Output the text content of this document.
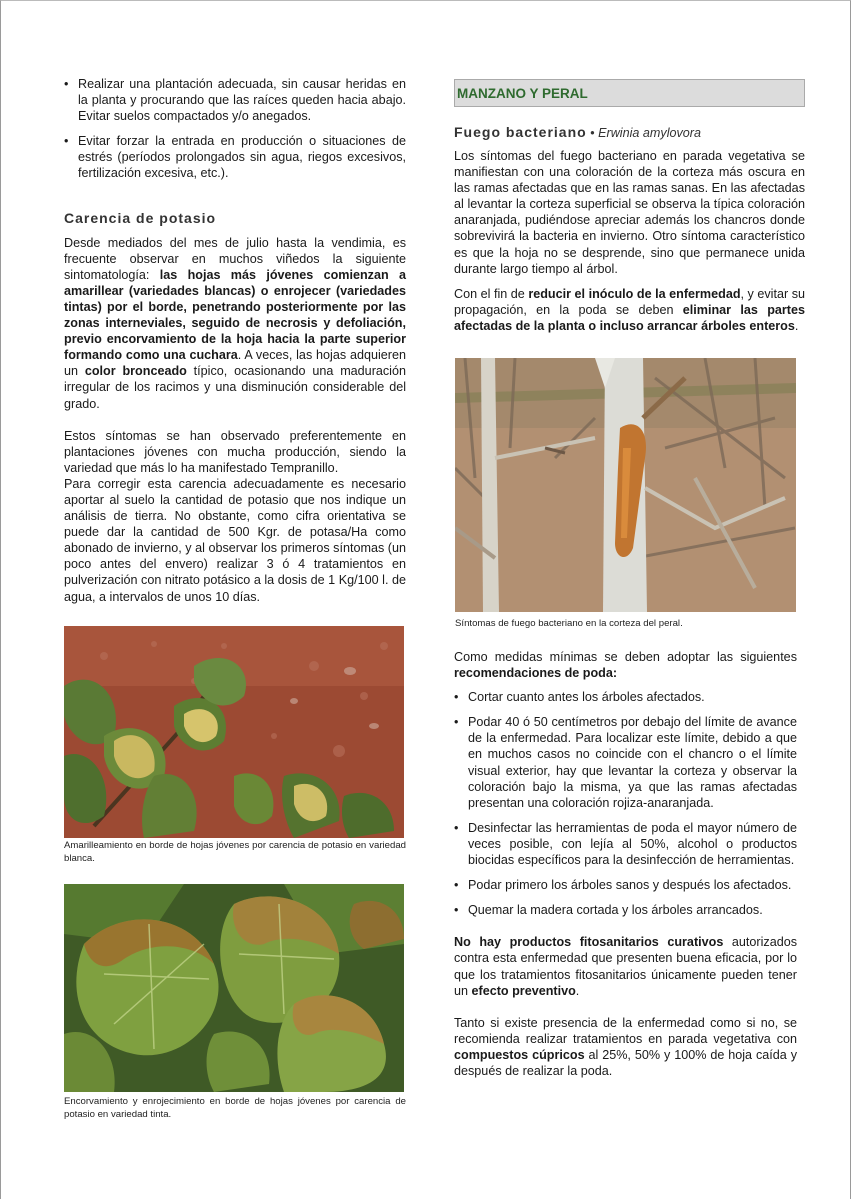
• Realizar una plantación adecuada, sin causar heridas en la planta y procurando que las raíces queden hacia abajo. Evitar suelos compactados y/o anegados.
• Evitar forzar la entrada en producción o situaciones de estrés (períodos prolongados sin agua, riegos excesivos, fertilización excesiva, etc.).
Carencia de potasio

Desde mediados del mes de julio hasta la vendimia, es frecuente observar en muchos viñedos la siguiente sintomatología: las hojas más jóvenes comienzan a amarillear (variedades blancas) o enrojecer (variedades tintas) por el borde, penetrando posteriormente por las zonas interneviales, seguido de necrosis y defoliación, previo encorvamiento de la hoja hacia la parte superior formando como una cuchara. A veces, las hojas adquieren un color bronceado típico, ocasionando una maduración irregular de los racimos y una disminución considerable del grado.

Estos síntomas se han observado preferentemente en plantaciones jóvenes con mucha producción, siendo la variedad que más lo ha manifestado Tempranillo.

Para corregir esta carencia adecuadamente es necesario aportar al suelo la cantidad de potasio que nos indique un análisis de tierra. No obstante, como cifra orientativa se puede dar la cantidad de 500 Kgr. de potasa/Ha como abonado de invierno, y al observar los primeros síntomas (un poco antes del envero) realizar 3 ó 4 tratamientos en pulverización con nitrato potásico a la dosis de 1 Kg/100 l. de agua, a intervalos de unos 10 días.

Amarilleamiento en borde de hojas jóvenes por carencia de potasio en variedad blanca.
Encorvamiento y enrojecimiento en borde de hojas jóvenes por carencia de potasio en variedad tinta.
MANZANO Y PERAL
Fuego bacteriano • Erwinia amylovora

Los síntomas del fuego bacteriano en parada vegetativa se manifiestan con una coloración de la corteza más oscura en las ramas afectadas que en las ramas sanas. En las afectadas al levantar la corteza superficial se observa la típica coloración anaranjada, pudiéndose apreciar además los chancros donde sobrevivirá la bacteria en invierno. Otro síntoma característico es que la hoja no se desprende, sino que permanece unida durante largo tiempo al árbol.

Con el fin de reducir el inóculo de la enfermedad, y evitar su propagación, en la poda se deben eliminar las partes afectadas de la planta o incluso arrancar árboles enteros.

Síntomas de fuego bacteriano en la corteza del peral.

Como medidas mínimas se deben adoptar las siguientes recomendaciones de poda:

• Cortar cuanto antes los árboles afectados.
• Podar 40 ó 50 centímetros por debajo del límite de avance de la enfermedad. Para localizar este límite, debido a que en muchos casos no coincide con el chancro o el límite visual exterior, hay que levantar la corteza y observar la coloración bajo la misma, ya que las ramas afectadas presentan una coloración rojiza-anaranjada.
• Desinfectar las herramientas de poda el mayor número de veces posible, con lejía al 50%, alcohol o productos biocidas específicos para la desinfección de herramientas.
• Podar primero los árboles sanos y después los afectados.
• Quemar la madera cortada y los árboles arrancados.

No hay productos fitosanitarios curativos autorizados contra esta enfermedad que presenten buena eficacia, por lo que los tratamientos fitosanitarios únicamente pueden tener un efecto preventivo.

Tanto si existe presencia de la enfermedad como si no, se recomienda realizar tratamientos en parada vegetativa con compuestos cúpricos al 25%, 50% y 100% de hoja caída y después de realizar la poda.
